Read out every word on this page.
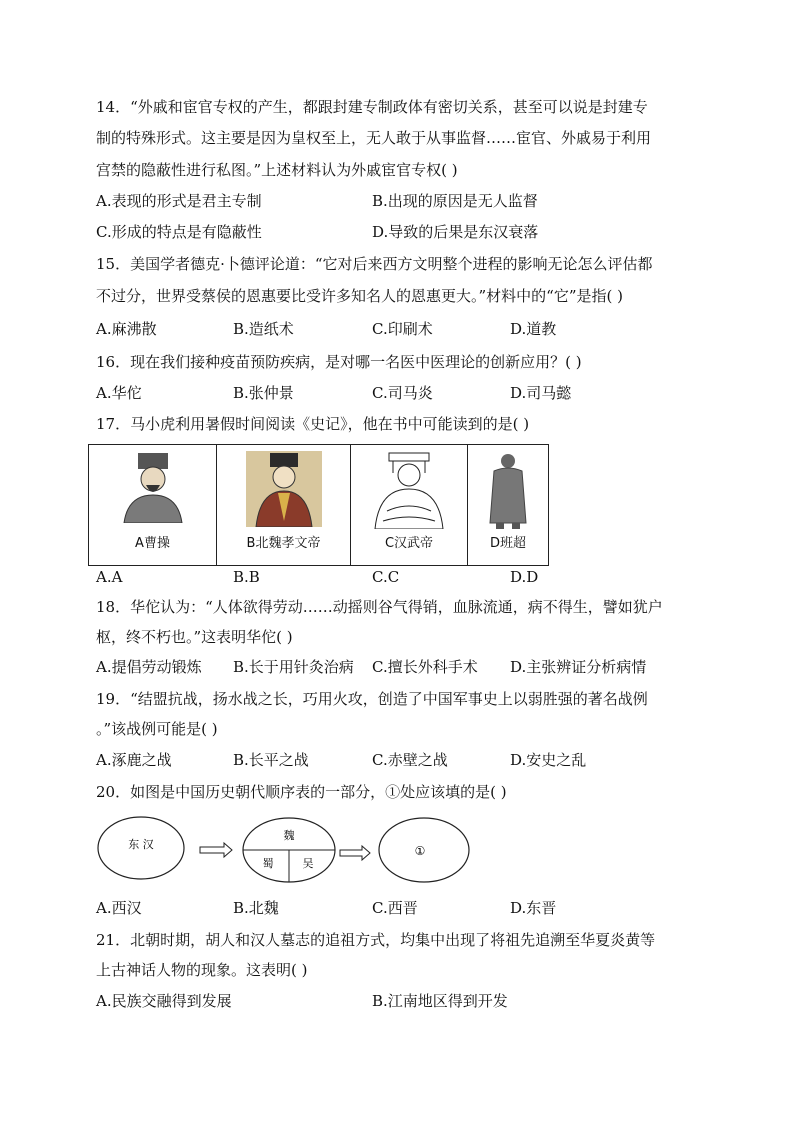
14．“外戚和宦官专权的产生，都跟封建专制政体有密切关系，甚至可以说是封建专
制的特殊形式。这主要是因为皇权至上，无人敢于从事监督……宦官、外戚易于利用
宫禁的隐蔽性进行私图。”上述材料认为外戚宦官专权( )
A.表现的形式是君主专制	B.出现的原因是无人监督
C.形成的特点是有隐蔽性	D.导致的后果是东汉衰落
15．美国学者德克·卜德评论道：“它对后来西方文明整个进程的影响无论怎么评估都
不过分，世界受蔡侯的恩惠要比受许多知名人的恩惠更大。”材料中的“它”是指( )
A.麻沸散	B.造纸术	C.印刷术	D.道教
16．现在我们接种疫苗预防疾病，是对哪一名医中医理论的创新应用？( )
A.华佗	B.张仲景	C.司马炎	D.司马懿
17．马小虎利用暑假时间阅读《史记》，他在书中可能读到的是( )
A曹操	B北魏孝文帝	C汉武帝	D班超
A.A	B.B	C.C	D.D
18．华佗认为：“人体欲得劳动……动摇则谷气得销，血脉流通，病不得生，譬如犹户
枢，终不朽也。”这表明华佗( )
A.提倡劳动锻炼 B.长于用针灸治病 C.擅长外科手术 D.主张辨证分析病情
19．“结盟抗战，扬水战之长，巧用火攻，创造了中国军事史上以弱胜强的著名战例
。”该战例可能是( )
A.涿鹿之战	B.长平之战	C.赤壁之战	D.安史之乱
20．如图是中国历史朝代顺序表的一部分，①处应该填的是( )
东 汉
魏
蜀	吴
①
A.西汉	B.北魏	C.西晋	D.东晋
21．北朝时期，胡人和汉人墓志的追祖方式，均集中出现了将祖先追溯至华夏炎黄等
上古神话人物的现象。这表明( )
A.民族交融得到发展	B.江南地区得到开发
